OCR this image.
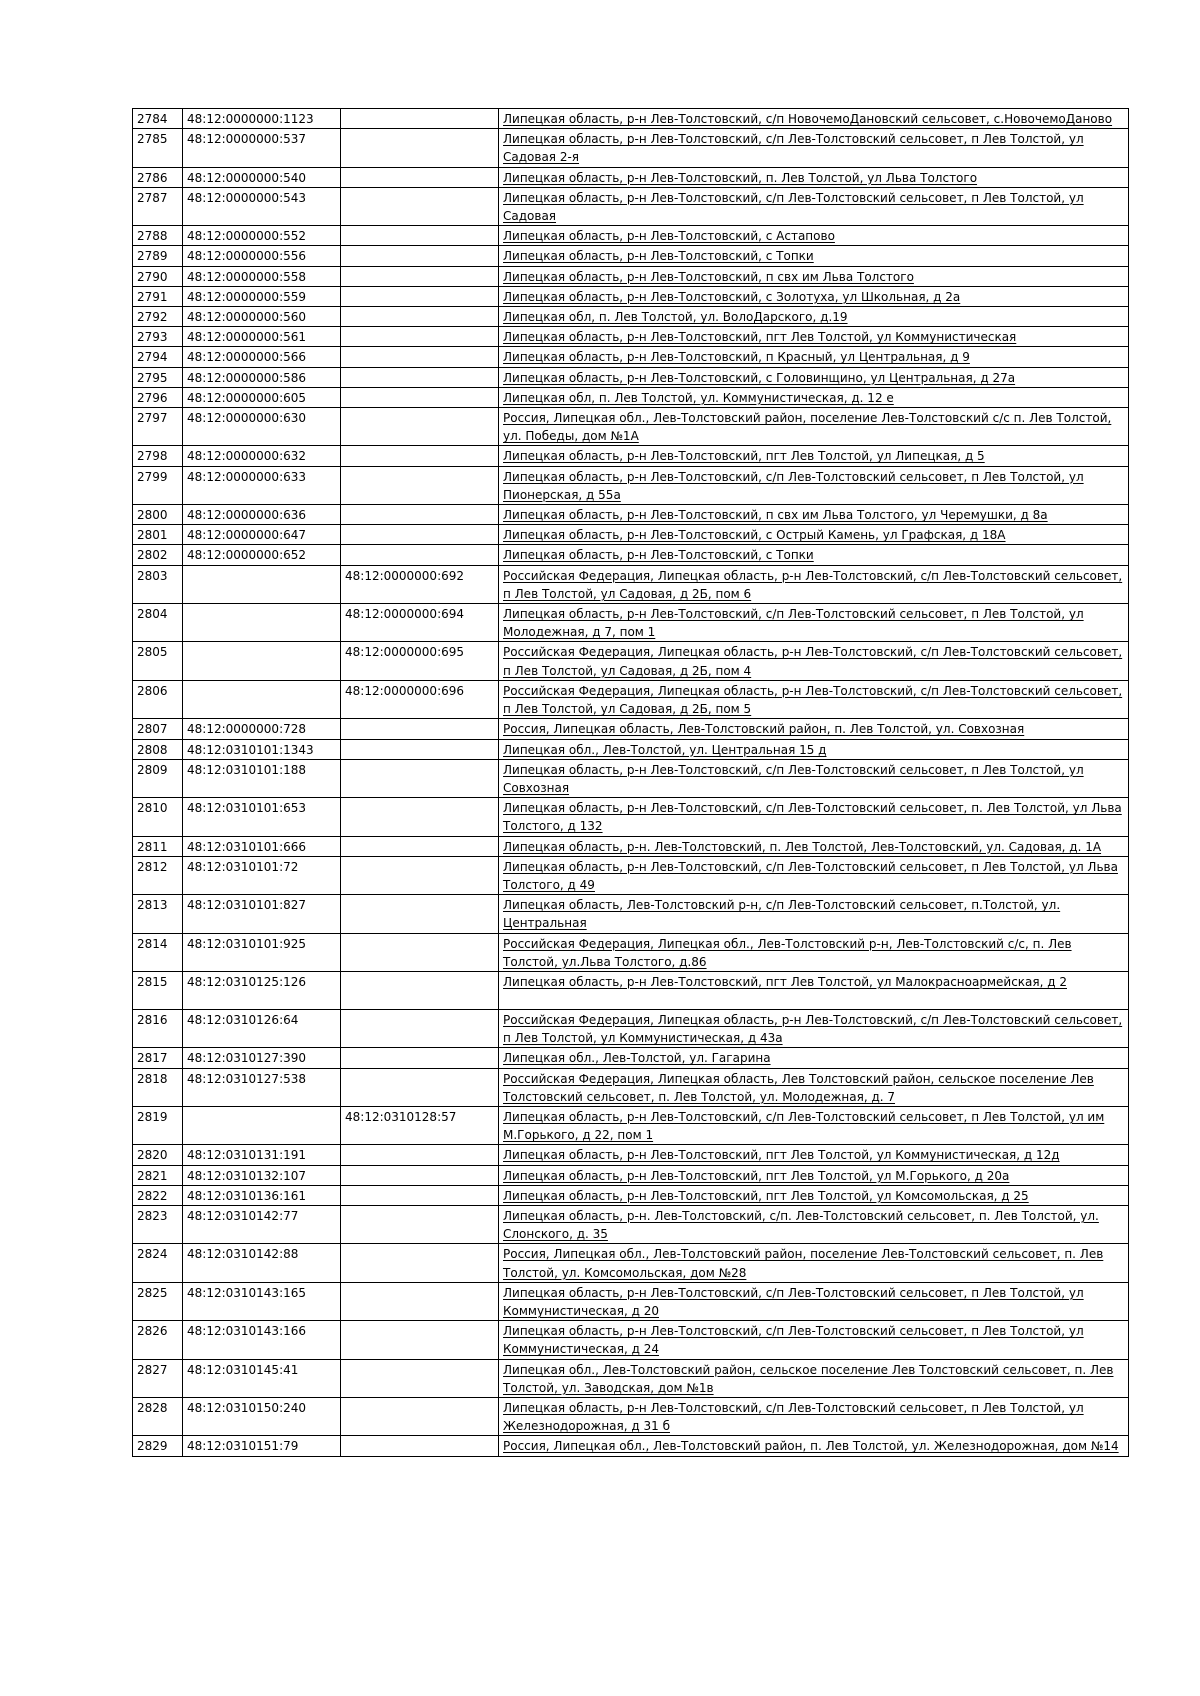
2784	48:12:0000000:1123		Липецкая область, р-н Лев-Толстовский, с/п НовочемоДановский сельсовет, с.НовочемоДаново
2785	48:12:0000000:537		Липецкая область, р-н Лев-Толстовский, с/п Лев-Толстовский сельсовет, п Лев Толстой, ул Садовая 2-я
2786	48:12:0000000:540		Липецкая область, р-н Лев-Толстовский, п. Лев Толстой, ул Льва Толстого
2787	48:12:0000000:543		Липецкая область, р-н Лев-Толстовский, с/п Лев-Толстовский сельсовет, п Лев Толстой, ул Садовая
2788	48:12:0000000:552		Липецкая область, р-н Лев-Толстовский, с Астапово
2789	48:12:0000000:556		Липецкая область, р-н Лев-Толстовский, с Топки
2790	48:12:0000000:558		Липецкая область, р-н Лев-Толстовский, п свх им Льва Толстого
2791	48:12:0000000:559		Липецкая область, р-н Лев-Толстовский, с Золотуха, ул Школьная, д 2а
2792	48:12:0000000:560		Липецкая обл, п. Лев Толстой, ул. ВолоДарского, д.19
2793	48:12:0000000:561		Липецкая область, р-н Лев-Толстовский, пгт Лев Толстой, ул Коммунистическая
2794	48:12:0000000:566		Липецкая область, р-н Лев-Толстовский, п Красный, ул Центральная, д 9
2795	48:12:0000000:586		Липецкая область, р-н Лев-Толстовский, с Головинщино, ул Центральная, д 27а
2796	48:12:0000000:605		Липецкая обл, п. Лев Толстой, ул. Коммунистическая, д. 12 е
2797	48:12:0000000:630		Россия, Липецкая обл., Лев-Толстовский район, поселение Лев-Толстовский с/с п. Лев Толстой, ул. Победы, дом №1А
2798	48:12:0000000:632		Липецкая область, р-н Лев-Толстовский, пгт Лев Толстой, ул Липецкая, д 5
2799	48:12:0000000:633		Липецкая область, р-н Лев-Толстовский, с/п Лев-Толстовский сельсовет, п Лев Толстой, ул Пионерская, д 55а
2800	48:12:0000000:636		Липецкая область, р-н Лев-Толстовский, п свх им Льва Толстого, ул Черемушки, д 8а
2801	48:12:0000000:647		Липецкая область, р-н Лев-Толстовский, с Острый Камень, ул Графская, д 18А
2802	48:12:0000000:652		Липецкая область, р-н Лев-Толстовский, с Топки
2803		48:12:0000000:692	Российская Федерация, Липецкая область, р-н Лев-Толстовский, с/п Лев-Толстовский сельсовет, п Лев Толстой, ул Садовая, д 2Б, пом 6
2804		48:12:0000000:694	Липецкая область, р-н Лев-Толстовский, с/п Лев-Толстовский сельсовет, п Лев Толстой, ул Молодежная, д 7, пом 1
2805		48:12:0000000:695	Российская Федерация, Липецкая область, р-н Лев-Толстовский, с/п Лев-Толстовский сельсовет, п Лев Толстой, ул Садовая, д 2Б, пом 4
2806		48:12:0000000:696	Российская Федерация, Липецкая область, р-н Лев-Толстовский, с/п Лев-Толстовский сельсовет, п Лев Толстой, ул Садовая, д 2Б, пом 5
2807	48:12:0000000:728		Россия, Липецкая область, Лев-Толстовский район, п. Лев Толстой, ул. Совхозная
2808	48:12:0310101:1343		Липецкая обл., Лев-Толстой, ул. Центральная 15 д
2809	48:12:0310101:188		Липецкая область, р-н Лев-Толстовский, с/п Лев-Толстовский сельсовет, п Лев Толстой, ул Совхозная
2810	48:12:0310101:653		Липецкая область, р-н Лев-Толстовский, с/п Лев-Толстовский сельсовет, п. Лев Толстой, ул Льва Толстого, д 132
2811	48:12:0310101:666		Липецкая область, р-н. Лев-Толстовский, п. Лев Толстой, Лев-Толстовский, ул. Садовая, д. 1А
2812	48:12:0310101:72		Липецкая область, р-н Лев-Толстовский, с/п Лев-Толстовский сельсовет, п Лев Толстой, ул Льва Толстого, д 49
2813	48:12:0310101:827		Липецкая область, Лев-Толстовский р-н, с/п Лев-Толстовский сельсовет, п.Толстой, ул. Центральная
2814	48:12:0310101:925		Российская Федерация, Липецкая обл., Лев-Толстовский р-н, Лев-Толстовский с/с, п. Лев Толстой, ул.Льва Толстого, д.86
2815	48:12:0310125:126		Липецкая область, р-н Лев-Толстовский, пгт Лев Толстой, ул Малокрасноармейская, д 2
2816	48:12:0310126:64		Российская Федерация, Липецкая область, р-н Лев-Толстовский, с/п Лев-Толстовский сельсовет, п Лев Толстой, ул Коммунистическая, д 43а
2817	48:12:0310127:390		Липецкая обл., Лев-Толстой, ул. Гагарина
2818	48:12:0310127:538		Российская Федерация, Липецкая область, Лев Толстовский район, сельское поселение Лев Толстовский сельсовет, п. Лев Толстой, ул. Молодежная, д. 7
2819		48:12:0310128:57	Липецкая область, р-н Лев-Толстовский, с/п Лев-Толстовский сельсовет, п Лев Толстой, ул им М.Горького, д 22, пом 1
2820	48:12:0310131:191		Липецкая область, р-н Лев-Толстовский, пгт Лев Толстой, ул Коммунистическая, д 12д
2821	48:12:0310132:107		Липецкая область, р-н Лев-Толстовский, пгт Лев Толстой, ул М.Горького, д 20а
2822	48:12:0310136:161		Липецкая область, р-н Лев-Толстовский, пгт Лев Толстой, ул Комсомольская, д 25
2823	48:12:0310142:77		Липецкая область, р-н. Лев-Толстовский, с/п. Лев-Толстовский сельсовет, п. Лев Толстой, ул. Слонского, д. 35
2824	48:12:0310142:88		Россия, Липецкая обл., Лев-Толстовский район, поселение Лев-Толстовский сельсовет, п. Лев Толстой, ул. Комсомольская, дом №28
2825	48:12:0310143:165		Липецкая область, р-н Лев-Толстовский, с/п Лев-Толстовский сельсовет, п Лев Толстой, ул Коммунистическая, д 20
2826	48:12:0310143:166		Липецкая область, р-н Лев-Толстовский, с/п Лев-Толстовский сельсовет, п Лев Толстой, ул Коммунистическая, д 24
2827	48:12:0310145:41		Липецкая обл., Лев-Толстовский район, сельское поселение Лев Толстовский сельсовет, п. Лев Толстой, ул. Заводская, дом №1в
2828	48:12:0310150:240		Липецкая область, р-н Лев-Толстовский, с/п Лев-Толстовский сельсовет, п Лев Толстой, ул Железнодорожная, д 31 б
2829	48:12:0310151:79		Россия, Липецкая обл., Лев-Толстовский район, п. Лев Толстой, ул. Железнодорожная, дом №14
